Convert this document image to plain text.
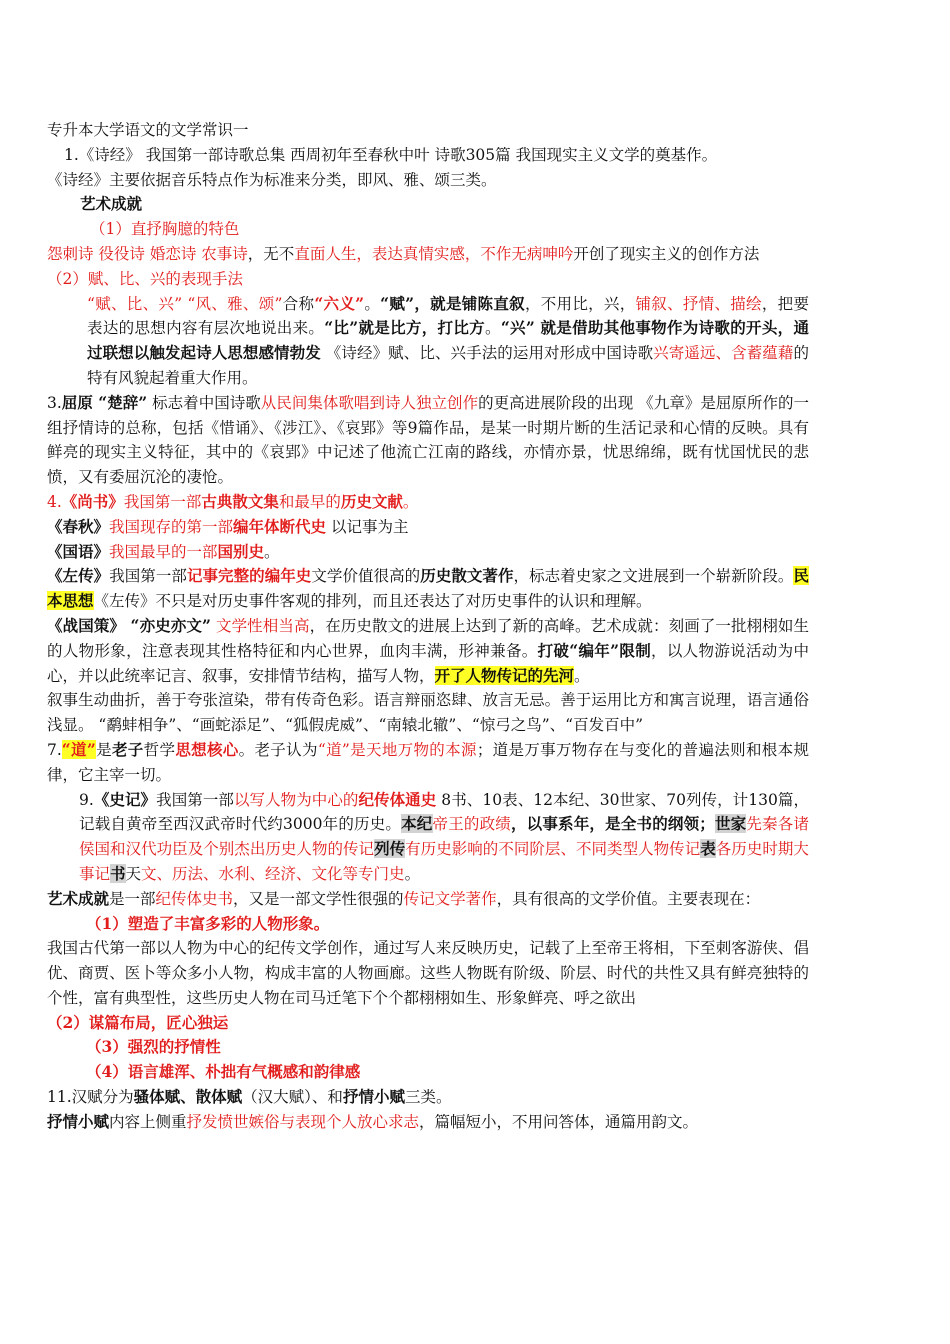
专升本大学语文的文学常识一

1.《诗经》 我国第一部诗歌总集 西周初年至春秋中叶 诗歌305篇 我国现实主义文学的奠基作。

《诗经》主要依据音乐特点作为标准来分类，即风、雅、颂三类。

艺术成就

（1）直抒胸臆的特色

怨刺诗 役役诗 婚恋诗 农事诗，无不直面人生，表达真情实感，不作无病呻吟开创了现实主义的创作方法

（2）赋、比、兴的表现手法

“赋、比、兴” “风、雅、颂”合称“六义”。“赋”，就是铺陈直叙，不用比，兴，铺叙、抒情、描绘，把要表达的思想内容有层次地说出来。“比”就是比方，打比方。“兴” 就是借助其他事物作为诗歌的开头，通过联想以触发起诗人思想感情勃发 《诗经》赋、比、兴手法的运用对形成中国诗歌兴寄遥远、含蓄蕴藉的特有风貌起着重大作用。

3.屈原 “楚辞” 标志着中国诗歌从民间集体歌唱到诗人独立创作的更高进展阶段的出现 《九章》是屈原所作的一组抒情诗的总称，包括《惜诵》、《涉江》、《哀郢》等9篇作品，是某一时期片断的生活记录和心情的反映。具有鲜亮的现实主义特征，其中的《哀郢》中记述了他流亡江南的路线，亦情亦景，忧思绵绵，既有忧国忧民的悲愤，又有委屈沉沦的凄怆。

4.《尚书》我国第一部古典散文集和最早的历史文献。

《春秋》我国现存的第一部编年体断代史 以记事为主

《国语》我国最早的一部国别史。

《左传》我国第一部记事完整的编年史文学价值很高的历史散文著作，标志着史家之文进展到一个崭新阶段。民本思想《左传》不只是对历史事件客观的排列，而且还表达了对历史事件的认识和理解。

《战国策》 “亦史亦文” 文学性相当高，在历史散文的进展上达到了新的高峰。艺术成就：刻画了一批栩栩如生的人物形象，注意表现其性格特征和内心世界，血肉丰满，形神兼备。打破“编年”限制，以人物游说活动为中心，并以此统率记言、叙事，安排情节结构，描写人物，开了人物传记的先河。

叙事生动曲折，善于夸张渲染，带有传奇色彩。语言辩丽恣肆、放言无忌。善于运用比方和寓言说理，语言通俗浅显。 “鹬蚌相争”、“画蛇添足”、“狐假虎威”、“南辕北辙”、“惊弓之鸟”、“百发百中”

7.“道”是老子哲学思想核心。老子认为“道”是天地万物的本源；道是万事万物存在与变化的普遍法则和根本规律，它主宰一切。

9.《史记》我国第一部以写人物为中心的纪传体通史 8书、10表、12本纪、30世家、70列传，计130篇，记载自黄帝至西汉武帝时代约3000年的历史。本纪帝王的政绩，以事系年，是全书的纲领；世家先秦各诸侯国和汉代功臣及个别杰出历史人物的传记列传有历史影响的不同阶层、不同类型人物传记表各历史时期大事记书天文、历法、水利、经济、文化等专门史。

艺术成就是一部纪传体史书，又是一部文学性很强的传记文学著作，具有很高的文学价值。主要表现在：

（1）塑造了丰富多彩的人物形象。

我国古代第一部以人物为中心的纪传文学创作，通过写人来反映历史，记载了上至帝王将相，下至刺客游侠、倡优、商贾、医卜等众多小人物，构成丰富的人物画廊。这些人物既有阶级、阶层、时代的共性又具有鲜亮独特的个性，富有典型性，这些历史人物在司马迁笔下个个都栩栩如生、形象鲜亮、呼之欲出

（2）谋篇布局，匠心独运

（3）强烈的抒情性

（4）语言雄浑、朴拙有气概感和韵律感

11.汉赋分为骚体赋、散体赋（汉大赋）、和抒情小赋三类。

抒情小赋内容上侧重抒发愤世嫉俗与表现个人放心求志，篇幅短小，不用问答体，通篇用韵文。
